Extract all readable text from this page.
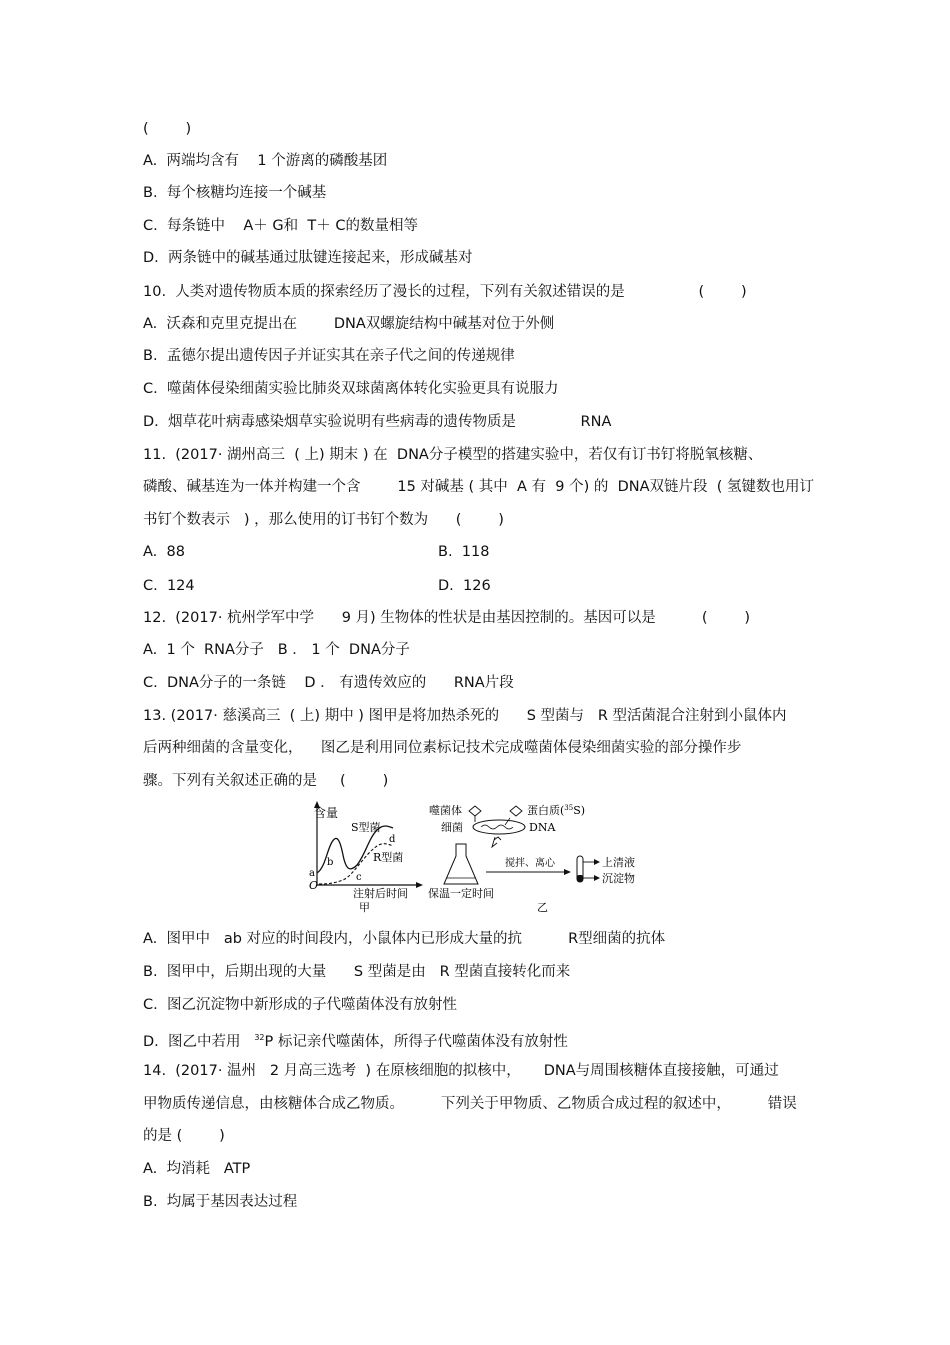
(        )
A.  两端均含有    1 个游离的磷酸基团
B.  每个核糖均连接一个碱基
C.  每条链中    A＋ G和  T＋ C的数量相等
D.  两条链中的碱基通过肽键连接起来，形成碱基对
10.  人类对遗传物质本质的探索经历了漫长的过程，下列有关叙述错误的是                (        )
A.  沃森和克里克提出在        DNA双螺旋结构中碱基对位于外侧
B.  孟德尔提出遗传因子并证实其在亲子代之间的传递规律
C.  噬菌体侵染细菌实验比肺炎双球菌离体转化实验更具有说服力
D.  烟草花叶病毒感染烟草实验说明有些病毒的遗传物质是              RNA
11.  (2017· 湖州高三  ( 上) 期末 ) 在  DNA分子模型的搭建实验中，若仅有订书钉将脱氧核糖、
磷酸、碱基连为一体并构建一个含        15 对碱基 ( 其中  A 有  9 个) 的  DNA双链片段  ( 氢键数也用订
书钉个数表示   ) ，那么使用的订书钉个数为      (        )
A.  88	B.  118
C.  124	D.  126
12.  (2017· 杭州学军中学      9 月) 生物体的性状是由基因控制的。基因可以是          (        )
A.  1 个  RNA分子   B ． 1 个  DNA分子
C.  DNA分子的一条链    D ． 有遗传效应的      RNA片段
13. (2017· 慈溪高三  ( 上) 期中 ) 图甲是将加热杀死的      S 型菌与   R 型活菌混合注射到小鼠体内
后两种细菌的含量变化，    图乙是利用同位素标记技术完成噬菌体侵染细菌实验的部分操作步
骤。下列有关叙述正确的是     (        )
含量
S型菌
R型菌
d
a
b
c
O
注射后时间
甲
噬菌体
细菌
蛋白质($^{35}$S)
DNA
搅拌、离心	上清液
沉淀物
保温一定时间
乙
A.  图甲中   ab 对应的时间段内，小鼠体内已形成大量的抗          R型细菌的抗体
B.  图甲中，后期出现的大量      S 型菌是由   R 型菌直接转化而来
C.  图乙沉淀物中新形成的子代噬菌体没有放射性
D.  图乙中若用   $^{32}$P 标记亲代噬菌体，所得子代噬菌体没有放射性
14.  (2017· 温州   2 月高三选考  ) 在原核细胞的拟核中，     DNA与周围核糖体直接接触，可通过
甲物质传递信息，由核糖体合成乙物质。        下列关于甲物质、乙物质合成过程的叙述中，        错误
的是 (        )
A.  均消耗   ATP
B.  均属于基因表达过程
